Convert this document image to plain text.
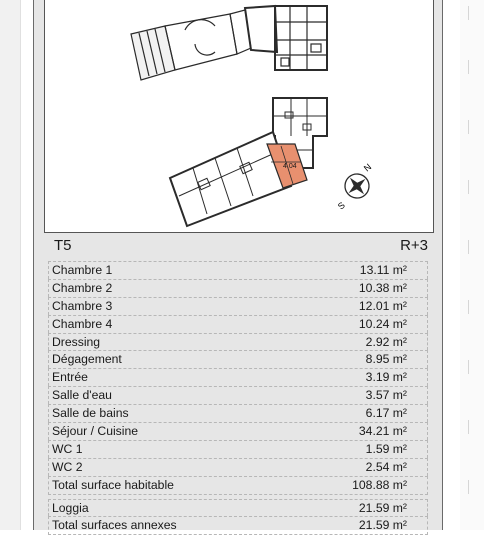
4.04	N
S
T5	R+3
Chambre 1	13.11 m²
Chambre 2	10.38 m²
Chambre 3	12.01 m²
Chambre 4	10.24 m²
Dressing	2.92 m²
Dégagement	8.95 m²
Entrée	3.19 m²
Salle d'eau	3.57 m²
Salle de bains	6.17 m²
Séjour / Cuisine	34.21 m²
WC 1	1.59 m²
WC 2	2.54 m²
Total surface habitable	108.88 m²
Loggia	21.59 m²
Total surfaces annexes	21.59 m²
